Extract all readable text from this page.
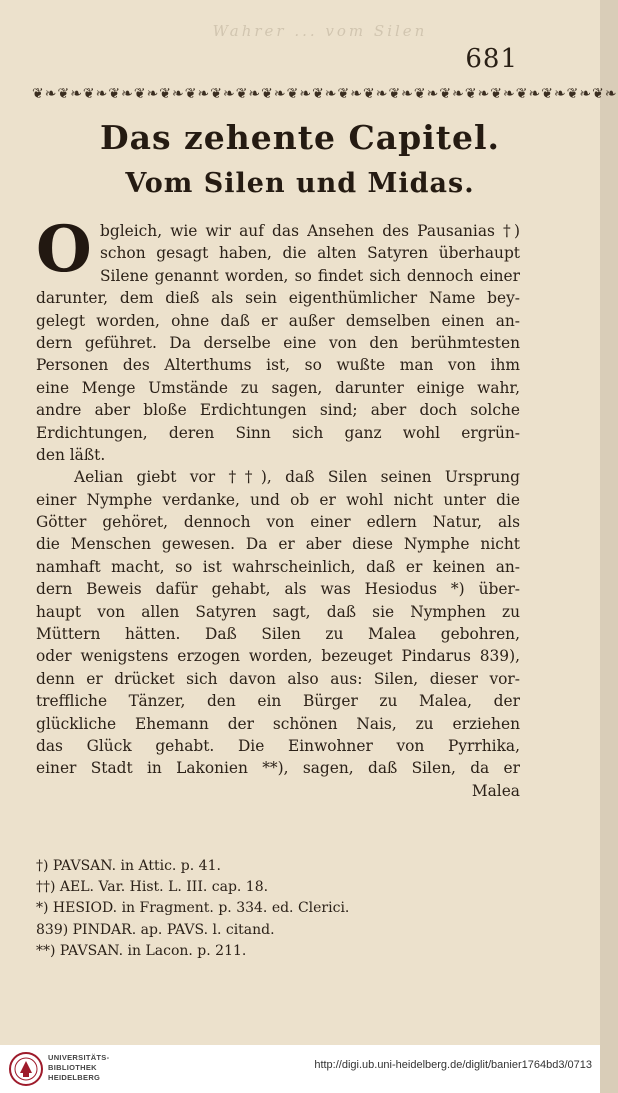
Wahrer ... vom Silen
681
❦❧❦❧❦❧❦❧❦❧❦❧❦❧❦❧❦❧❦❧❦❧❦❧❦❧❦❧❦❧❦❧❦❧❦❧❦❧❦❧❦❧❦❧❦❧
Das zehente Capitel.
Vom Silen und Midas.
O bgleich, wie wir auf das Ansehen des Pausanias †)
schon gesagt haben, die alten Satyren überhaupt
Silene genannt worden, so findet sich dennoch einer
darunter, dem dieß als sein eigenthümlicher Name bey-
gelegt worden, ohne daß er außer demselben einen an-
dern geführet. Da derselbe eine von den berühmtesten
Personen des Alterthums ist, so wußte man von ihm
eine Menge Umstände zu sagen, darunter einige wahr,
andre aber bloße Erdichtungen sind; aber doch solche
Erdichtungen, deren Sinn sich ganz wohl ergrün-
den läßt.
Aelian giebt vor ††), daß Silen seinen Ursprung
einer Nymphe verdanke, und ob er wohl nicht unter die
Götter gehöret, dennoch von einer edlern Natur, als
die Menschen gewesen. Da er aber diese Nymphe nicht
namhaft macht, so ist wahrscheinlich, daß er keinen an-
dern Beweis dafür gehabt, als was Hesiodus *) über-
haupt von allen Satyren sagt, daß sie Nymphen zu
Müttern hätten. Daß Silen zu Malea gebohren,
oder wenigstens erzogen worden, bezeuget Pindarus 839),
denn er drücket sich davon also aus: Silen, dieser vor-
treffliche Tänzer, den ein Bürger zu Malea, der
glückliche Ehemann der schönen Nais, zu erziehen
das Glück gehabt. Die Einwohner von Pyrrhika,
einer Stadt in Lakonien **), sagen, daß Silen, da er
Malea
†) PAVSAN. in Attic. p. 41.
††) AEL. Var. Hist. L. III. cap. 18.
*) HESIOD. in Fragment. p. 334. ed. Clerici.
839) PINDAR. ap. PAVS. l. citand.
**) PAVSAN. in Lacon. p. 211.
UNIVERSITÄTS-
BIBLIOTHEK
HEIDELBERG
http://digi.ub.uni-heidelberg.de/diglit/banier1764bd3/0713
